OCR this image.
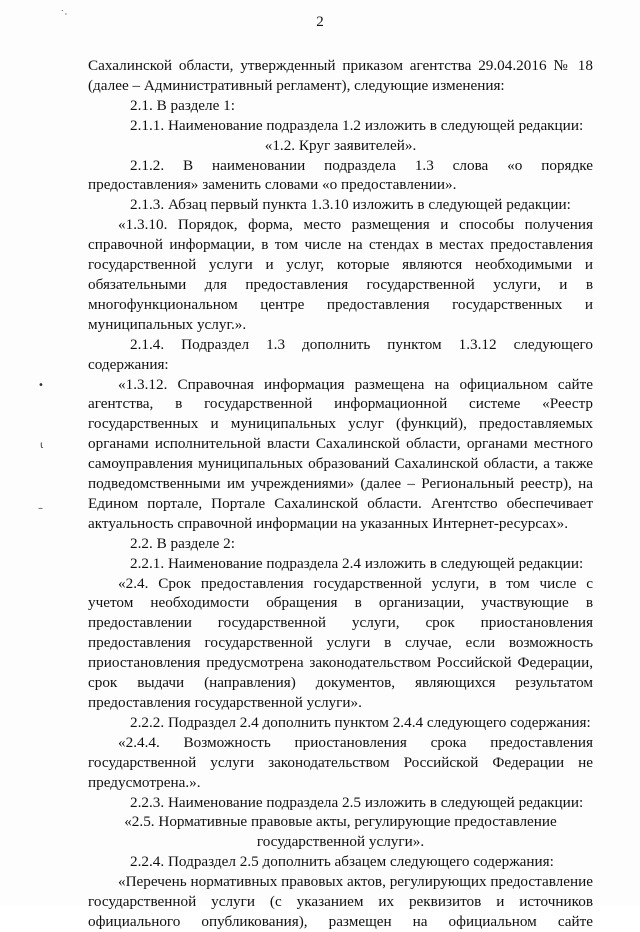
˙·
•
ι
–
2

Сахалинской области, утвержденный приказом агентства 29.04.2016 № 18 (далее – Административный регламент), следующие изменения:

2.1. В разделе 1:

2.1.1. Наименование подраздела 1.2 изложить в следующей редакции:

«1.2. Круг заявителей».

2.1.2. В наименовании подраздела 1.3 слова «о порядке предоставления» заменить словами «о предоставлении».

2.1.3. Абзац первый пункта 1.3.10 изложить в следующей редакции:

«1.3.10. Порядок, форма, место размещения и способы получения справочной информации, в том числе на стендах в местах предоставления государственной услуги и услуг, которые являются необходимыми и обязательными для предоставления государственной услуги, и в многофункциональном центре предоставления государственных и муниципальных услуг.».

2.1.4. Подраздел 1.3 дополнить пунктом 1.3.12 следующего содержания:

«1.3.12. Справочная информация размещена на официальном сайте агентства, в государственной информационной системе «Реестр государственных и муниципальных услуг (функций), предоставляемых органами исполнительной власти Сахалинской области, органами местного самоуправления муниципальных образований Сахалинской области, а также подведомственными им учреждениями» (далее – Региональный реестр), на Едином портале, Портале Сахалинской области. Агентство обеспечивает актуальность справочной информации на указанных Интернет-ресурсах».

2.2. В разделе 2:

2.2.1. Наименование подраздела 2.4 изложить в следующей редакции:

«2.4. Срок предоставления государственной услуги, в том числе с учетом необходимости обращения в организации, участвующие в предоставлении государственной услуги, срок приостановления предоставления государственной услуги в случае, если возможность приостановления предусмотрена законодательством Российской Федерации, срок выдачи (направления) документов, являющихся результатом предоставления государственной услуги».

2.2.2. Подраздел 2.4 дополнить пунктом 2.4.4 следующего содержания:

«2.4.4. Возможность приостановления срока предоставления государственной услуги законодательством Российской Федерации не предусмотрена.».

2.2.3. Наименование подраздела 2.5 изложить в следующей редакции:

«2.5. Нормативные правовые акты, регулирующие предоставление государственной услуги».

2.2.4. Подраздел 2.5 дополнить абзацем следующего содержания:

«Перечень нормативных правовых актов, регулирующих предоставление государственной услуги (с указанием их реквизитов и источников официального опубликования), размещен на официальном сайте
